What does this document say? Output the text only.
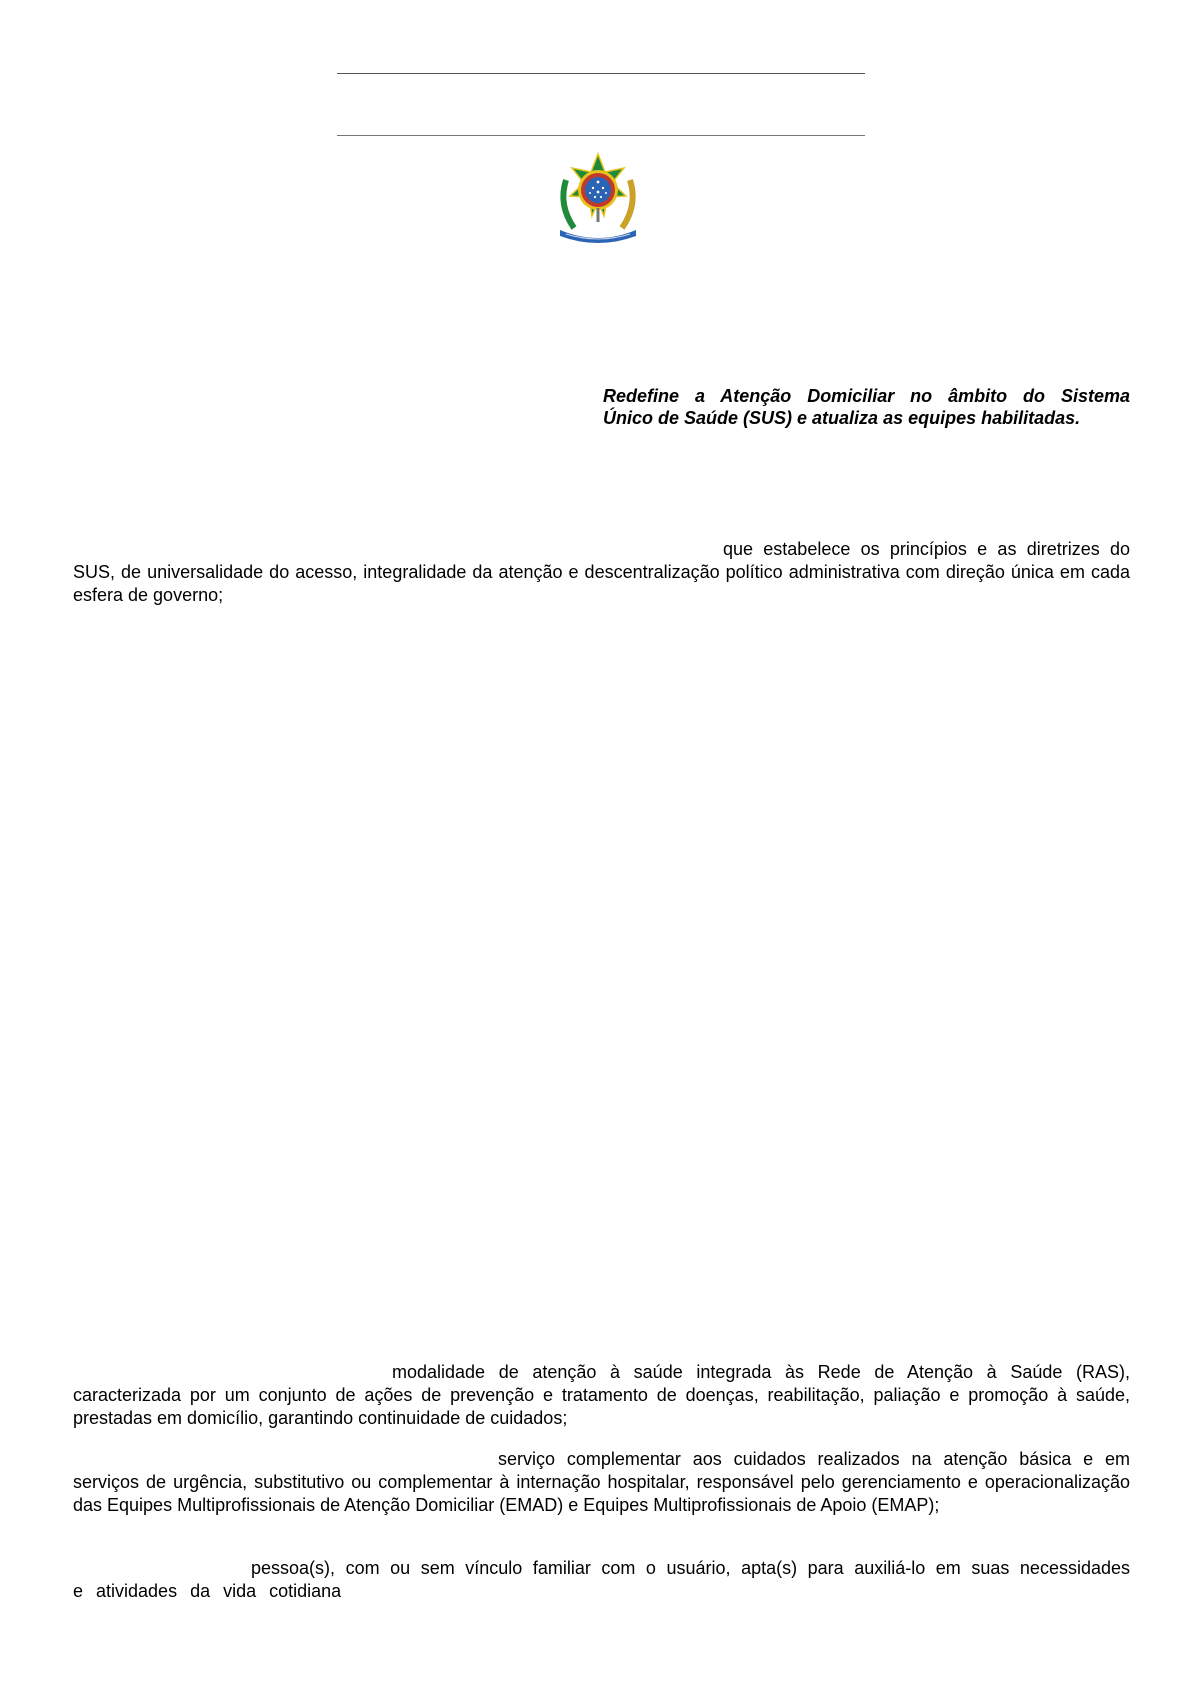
Redefine a Atenção Domiciliar no âmbito do Sistema
Único de Saúde (SUS) e atualiza as equipes habilitadas.
que estabelece os princípios e as diretrizes do
SUS, de universalidade do acesso, integralidade da atenção e descentralização político administrativa com direção única em cada esfera de governo;
modalidade de atenção à saúde integrada às Rede de Atenção à Saúde (RAS),
caracterizada por um conjunto de ações de prevenção e tratamento de doenças, reabilitação, paliação e promoção à saúde, prestadas em domicílio, garantindo continuidade de cuidados;
serviço complementar aos cuidados realizados na atenção básica e em
serviços de urgência, substitutivo ou complementar à internação hospitalar, responsável pelo gerenciamento e operacionalização das Equipes Multiprofissionais de Atenção Domiciliar (EMAD) e Equipes Multiprofissionais de Apoio (EMAP);
pessoa(s), com ou sem vínculo familiar com o usuário, apta(s) para auxiliá-lo em suas necessidades
e atividades da vida cotidiana
